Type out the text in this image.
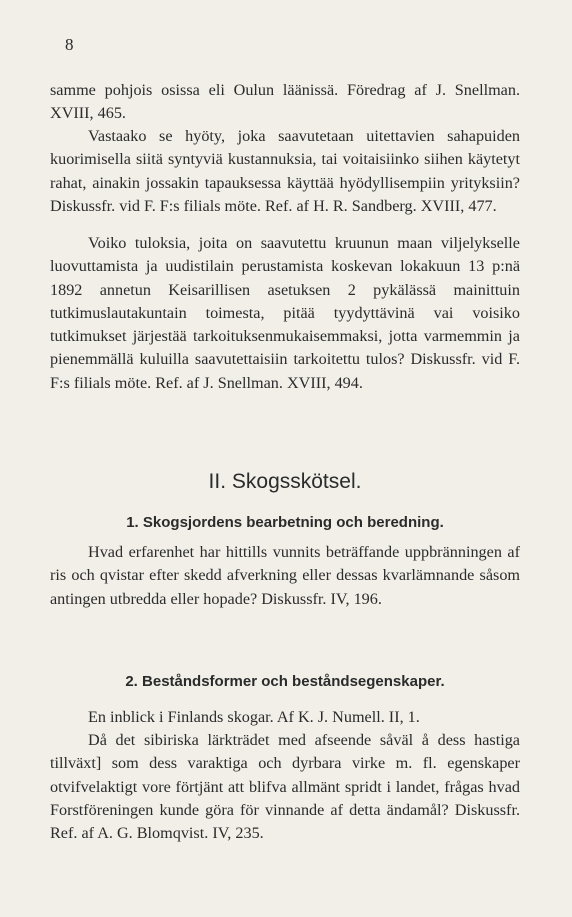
8

samme pohjois osissa eli Oulun läänissä. Föredrag af J. Snellman. XVIII, 465.

Vastaako se hyöty, joka saavutetaan uitettavien sahapuiden kuorimisella siitä syntyviä kustannuksia, tai voitaisiinko siihen käytetyt rahat, ainakin jossakin tapauksessa käyttää hyödyllisempiin yrityksiin? Diskussfr. vid F. F:s filials möte. Ref. af H. R. Sandberg. XVIII, 477.

Voiko tuloksia, joita on saavutettu kruunun maan viljelykselle luovuttamista ja uudistilain perustamista koskevan lokakuun 13 p:nä 1892 annetun Keisarillisen asetuksen 2 pykälässä mainittuin tutkimuslautakuntain toimesta, pitää tyydyttävinä vai voisiko tutkimukset järjestää tarkoituksenmukaisemmaksi, jotta varmemmin ja pienemmällä kuluilla saavutettaisiin tarkoitettu tulos? Diskussfr. vid F. F:s filials möte. Ref. af J. Snellman. XVIII, 494.

II. Skogsskötsel.
1. Skogsjordens bearbetning och beredning.

Hvad erfarenhet har hittills vunnits beträffande uppbränningen af ris och qvistar efter skedd afverkning eller dessas kvarlämnande såsom antingen utbredda eller hopade? Diskussfr. IV, 196.

2. Beståndsformer och beståndsegenskaper.

En inblick i Finlands skogar. Af K. J. Numell. II, 1.

Då det sibiriska lärkträdet med afseende såväl å dess hastiga tillväxt] som dess varaktiga och dyrbara virke m. fl. egenskaper otvifvelaktigt vore förtjänt att blifva allmänt spridt i landet, frågas hvad Forstföreningen kunde göra för vinnande af detta ändamål? Diskussfr. Ref. af A. G. Blomqvist. IV, 235.
